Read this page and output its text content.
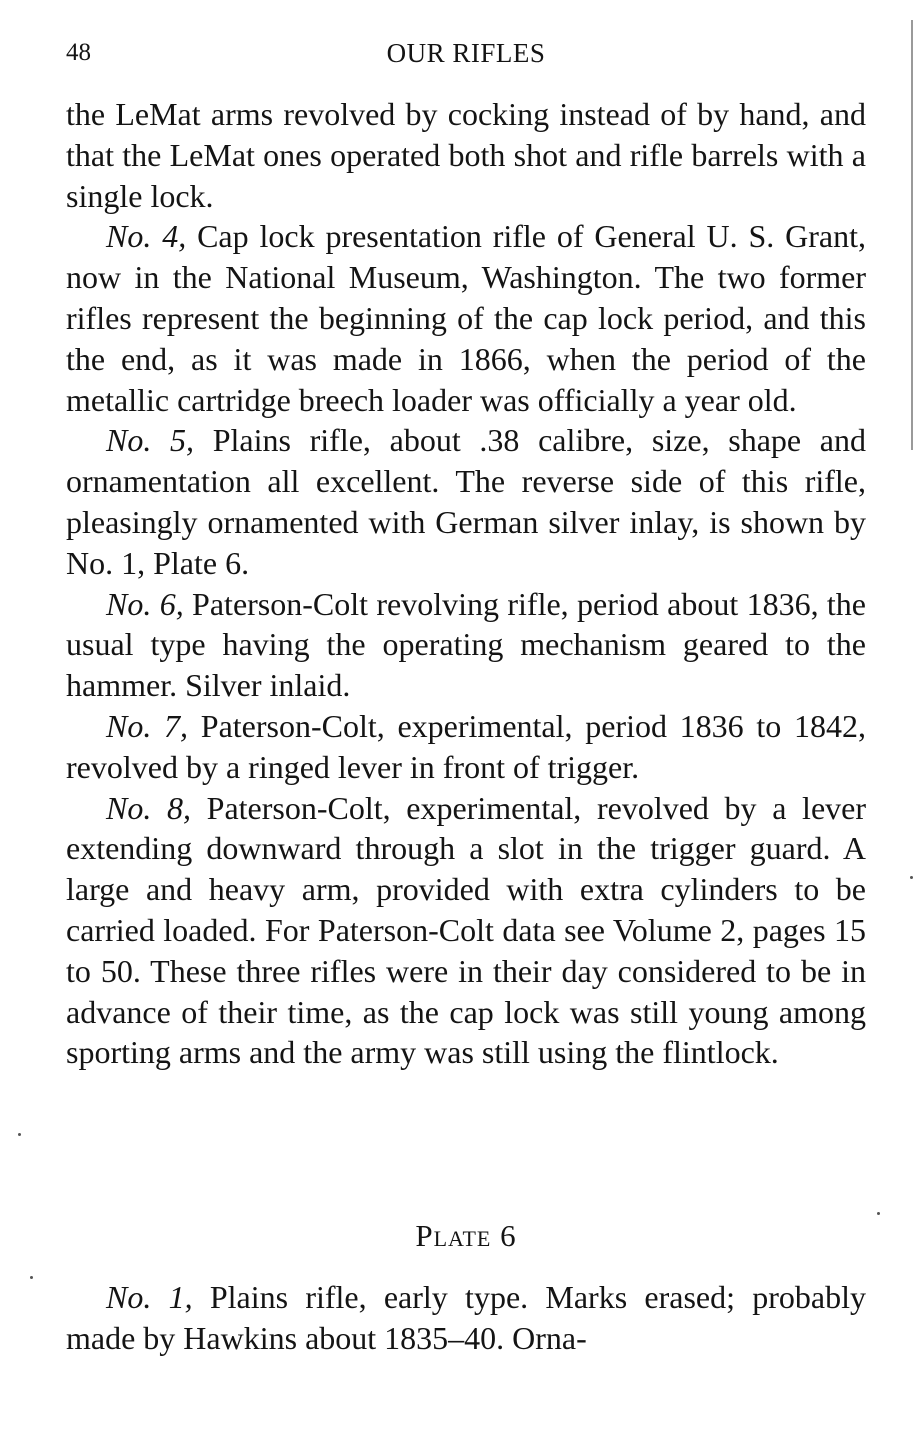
48	OUR RIFLES

the LeMat arms revolved by cocking instead of by hand, and that the LeMat ones operated both shot and rifle barrels with a single lock.

No. 4, Cap lock presentation rifle of General U. S. Grant, now in the National Museum, Washington. The two former rifles represent the beginning of the cap lock period, and this the end, as it was made in 1866, when the period of the metallic cartridge breech loader was officially a year old.

No. 5, Plains rifle, about .38 calibre, size, shape and ornamentation all excellent. The reverse side of this rifle, pleasingly ornamented with German silver inlay, is shown by No. 1, Plate 6.

No. 6, Paterson-Colt revolving rifle, period about 1836, the usual type having the operating mechanism geared to the hammer. Silver inlaid.

No. 7, Paterson-Colt, experimental, period 1836 to 1842, revolved by a ringed lever in front of trigger.

No. 8, Paterson-Colt, experimental, revolved by a lever extending downward through a slot in the trigger guard. A large and heavy arm, provided with extra cylinders to be carried loaded. For Paterson-Colt data see Volume 2, pages 15 to 50. These three rifles were in their day considered to be in advance of their time, as the cap lock was still young among sporting arms and the army was still using the flintlock.

Plate 6

No. 1, Plains rifle, early type. Marks erased; probably made by Hawkins about 1835–40. Orna-
